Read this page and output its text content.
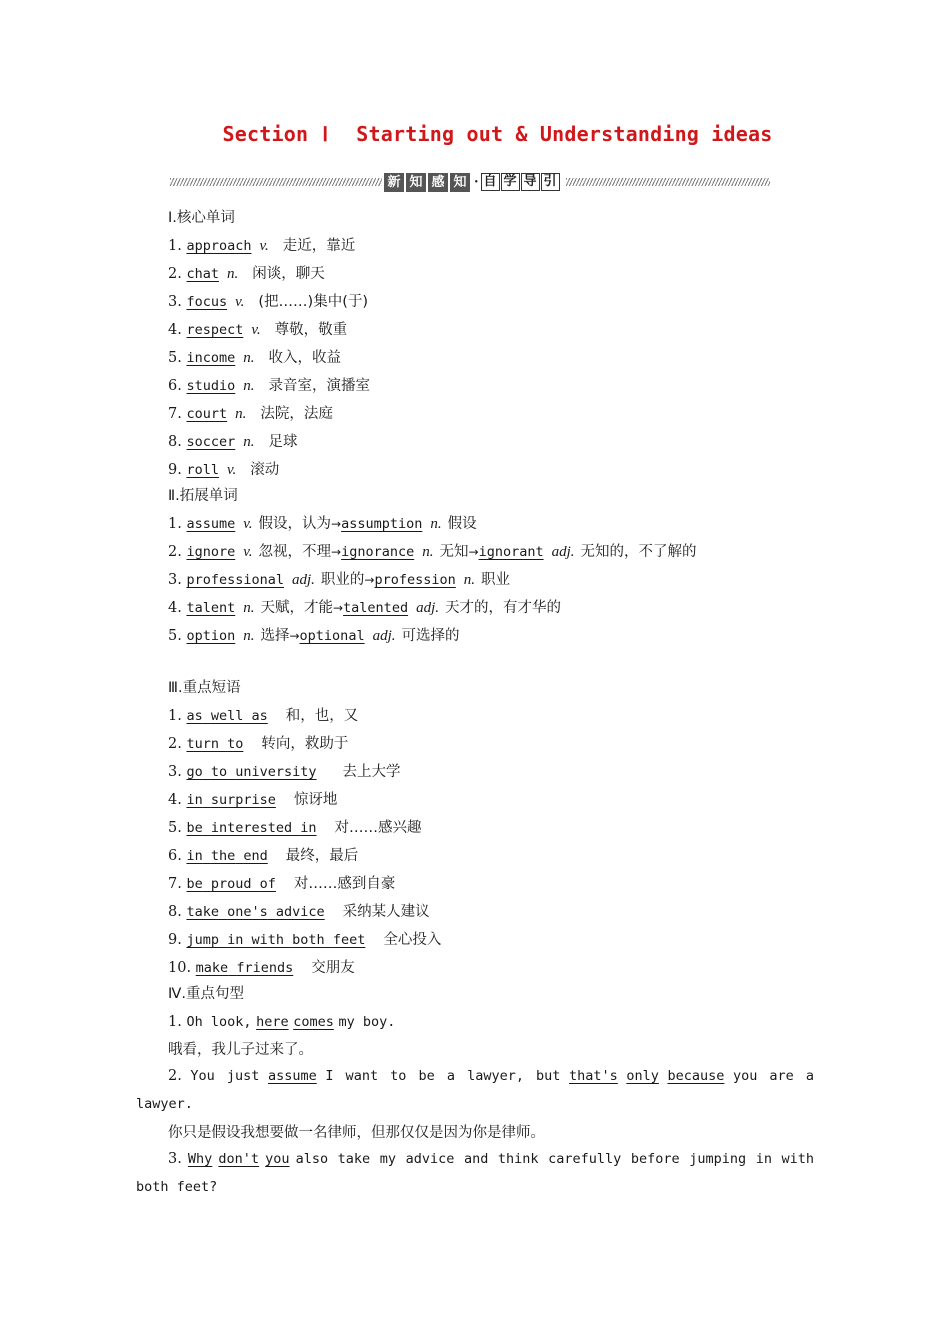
Section Ⅰ Starting out & Understanding ideas
新 知 感 知 · 自 学 导 引
Ⅰ.核心单词
1. approach v. 走近，靠近
2. chat n. 闲谈，聊天
3. focus v. (把……)集中(于)
4. respect v. 尊敬，敬重
5. income n. 收入，收益
6. studio n. 录音室，演播室
7. court n. 法院，法庭
8. soccer n. 足球
9. roll v. 滚动
Ⅱ.拓展单词
1. assume v. 假设，认为→assumption n. 假设
2. ignore v. 忽视，不理→ignorance n. 无知→ignorant adj. 无知的，不了解的
3. professional adj. 职业的→profession n. 职业
4. talent n. 天赋，才能→talented adj. 天才的，有才华的
5. option n. 选择→optional adj. 可选择的
Ⅲ.重点短语
1. as well as 和，也，又
2. turn to 转向，救助于
3. go to university 去上大学
4. in surprise 惊讶地
5. be interested in 对……感兴趣
6. in the end 最终，最后
7. be proud of 对……感到自豪
8. take one's advice 采纳某人建议
9. jump in with both feet 全心投入
10. make friends 交朋友
Ⅳ.重点句型
1. Oh look, here comes my boy.
哦看，我儿子过来了。
2. You just assume I want to be a lawyer, but that's only because you are a lawyer.
你只是假设我想要做一名律师，但那仅仅是因为你是律师。
3. Why don't you also take my advice and think carefully before jumping in with both feet?
